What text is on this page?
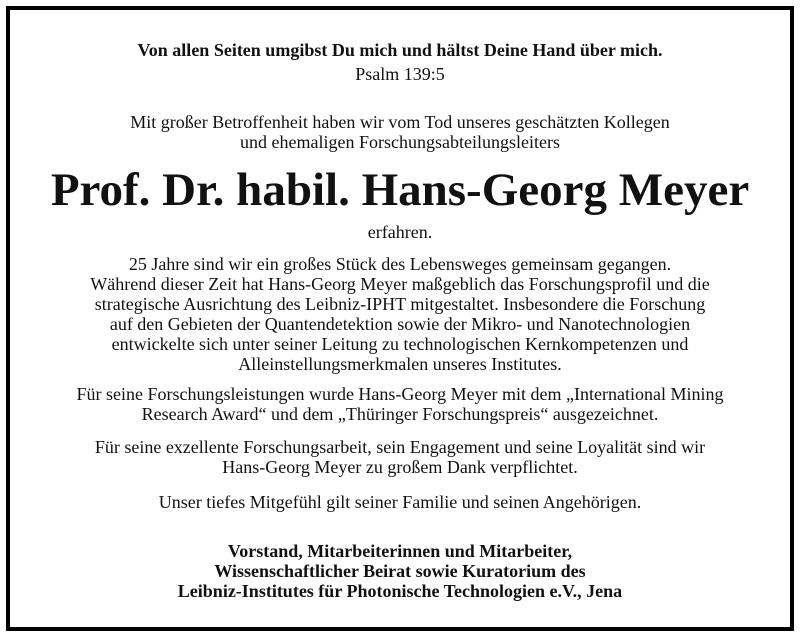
Von allen Seiten umgibst Du mich und hältst Deine Hand über mich.
Psalm 139:5
Mit großer Betroffenheit haben wir vom Tod unseres geschätzten Kollegen
und ehemaligen Forschungsabteilungsleiters
Prof. Dr. habil. Hans-Georg Meyer
erfahren.
25 Jahre sind wir ein großes Stück des Lebensweges gemeinsam gegangen.
Während dieser Zeit hat Hans-Georg Meyer maßgeblich das Forschungsprofil und die
strategische Ausrichtung des Leibniz-IPHT mitgestaltet. Insbesondere die Forschung
auf den Gebieten der Quantendetektion sowie der Mikro- und Nanotechnologien
entwickelte sich unter seiner Leitung zu technologischen Kernkompetenzen und
Alleinstellungsmerkmalen unseres Institutes.
Für seine Forschungsleistungen wurde Hans-Georg Meyer mit dem „International Mining
Research Award“ und dem „Thüringer Forschungspreis“ ausgezeichnet.
Für seine exzellente Forschungsarbeit, sein Engagement und seine Loyalität sind wir
Hans-Georg Meyer zu großem Dank verpflichtet.
Unser tiefes Mitgefühl gilt seiner Familie und seinen Angehörigen.
Vorstand, Mitarbeiterinnen und Mitarbeiter,
Wissenschaftlicher Beirat sowie Kuratorium des
Leibniz-Institutes für Photonische Technologien e.V., Jena
